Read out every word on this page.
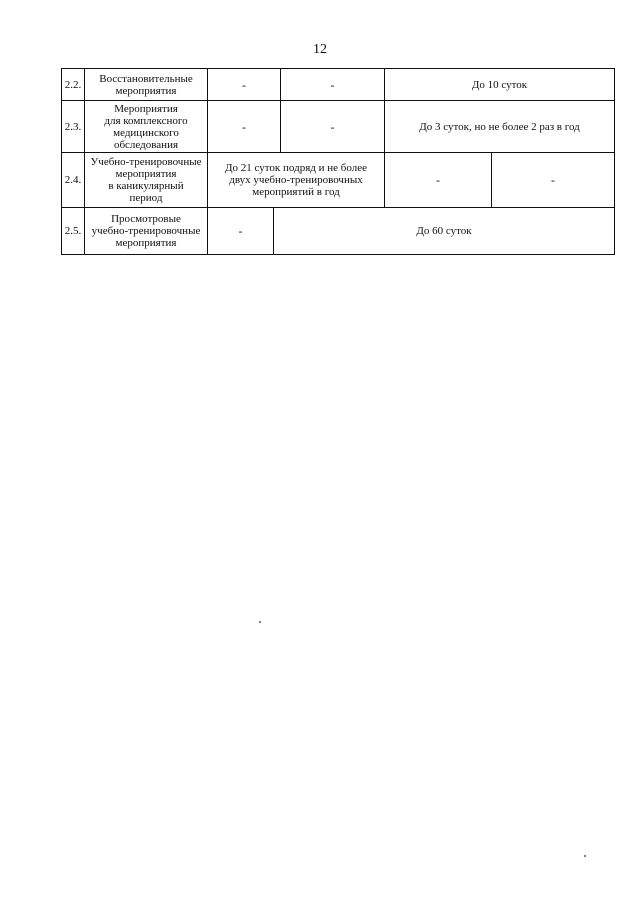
12
2.2.	Восстановительные
мероприятия	-		-	До 10 суток	
2.3.	Мероприятия
для комплексного
медицинского
обследования	-		-	До 3 суток, но не более 2 раз в год	
2.4.	Учебно-тренировочные
мероприятия
в каникулярный
период	До 21 суток подряд и не более
двух учебно-тренировочных
мероприятий в год			-	-
2.5.	Просмотровые
учебно-тренировочные
мероприятия	-	До 60 суток			
